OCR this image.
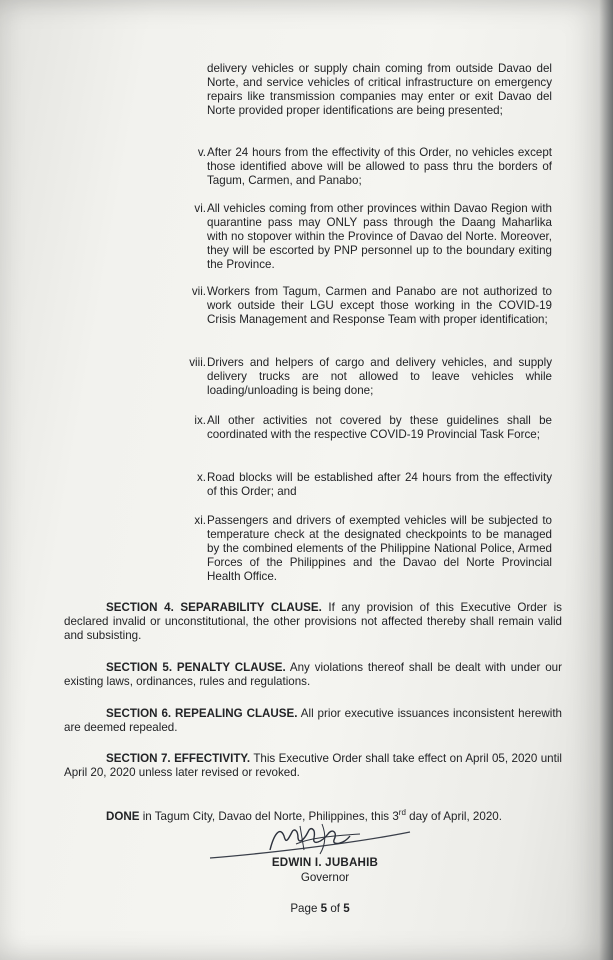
delivery vehicles or supply chain coming from outside Davao del Norte, and service vehicles of critical infrastructure on emergency repairs like transmission companies may enter or exit Davao del Norte provided proper identifications are being presented;

v. After 24 hours from the effectivity of this Order, no vehicles except those identified above will be allowed to pass thru the borders of Tagum, Carmen, and Panabo;

vi. All vehicles coming from other provinces within Davao Region with quarantine pass may ONLY pass through the Daang Maharlika with no stopover within the Province of Davao del Norte. Moreover, they will be escorted by PNP personnel up to the boundary exiting the Province.

vii. Workers from Tagum, Carmen and Panabo are not authorized to work outside their LGU except those working in the COVID-19 Crisis Management and Response Team with proper identification;

viii. Drivers and helpers of cargo and delivery vehicles, and supply delivery trucks are not allowed to leave vehicles while loading/unloading is being done;

ix. All other activities not covered by these guidelines shall be coordinated with the respective COVID-19 Provincial Task Force;

x. Road blocks will be established after 24 hours from the effectivity of this Order; and

xi. Passengers and drivers of exempted vehicles will be subjected to temperature check at the designated checkpoints to be managed by the combined elements of the Philippine National Police, Armed Forces of the Philippines and the Davao del Norte Provincial Health Office.

SECTION 4. SEPARABILITY CLAUSE. If any provision of this Executive Order is declared invalid or unconstitutional, the other provisions not affected thereby shall remain valid and subsisting.

SECTION 5. PENALTY CLAUSE. Any violations thereof shall be dealt with under our existing laws, ordinances, rules and regulations.

SECTION 6. REPEALING CLAUSE. All prior executive issuances inconsistent herewith are deemed repealed.

SECTION 7. EFFECTIVITY. This Executive Order shall take effect on April 05, 2020 until April 20, 2020 unless later revised or revoked.

DONE in Tagum City, Davao del Norte, Philippines, this 3rd day of April, 2020.
EDWIN I. JUBAHIB
Governor
Page 5 of 5
